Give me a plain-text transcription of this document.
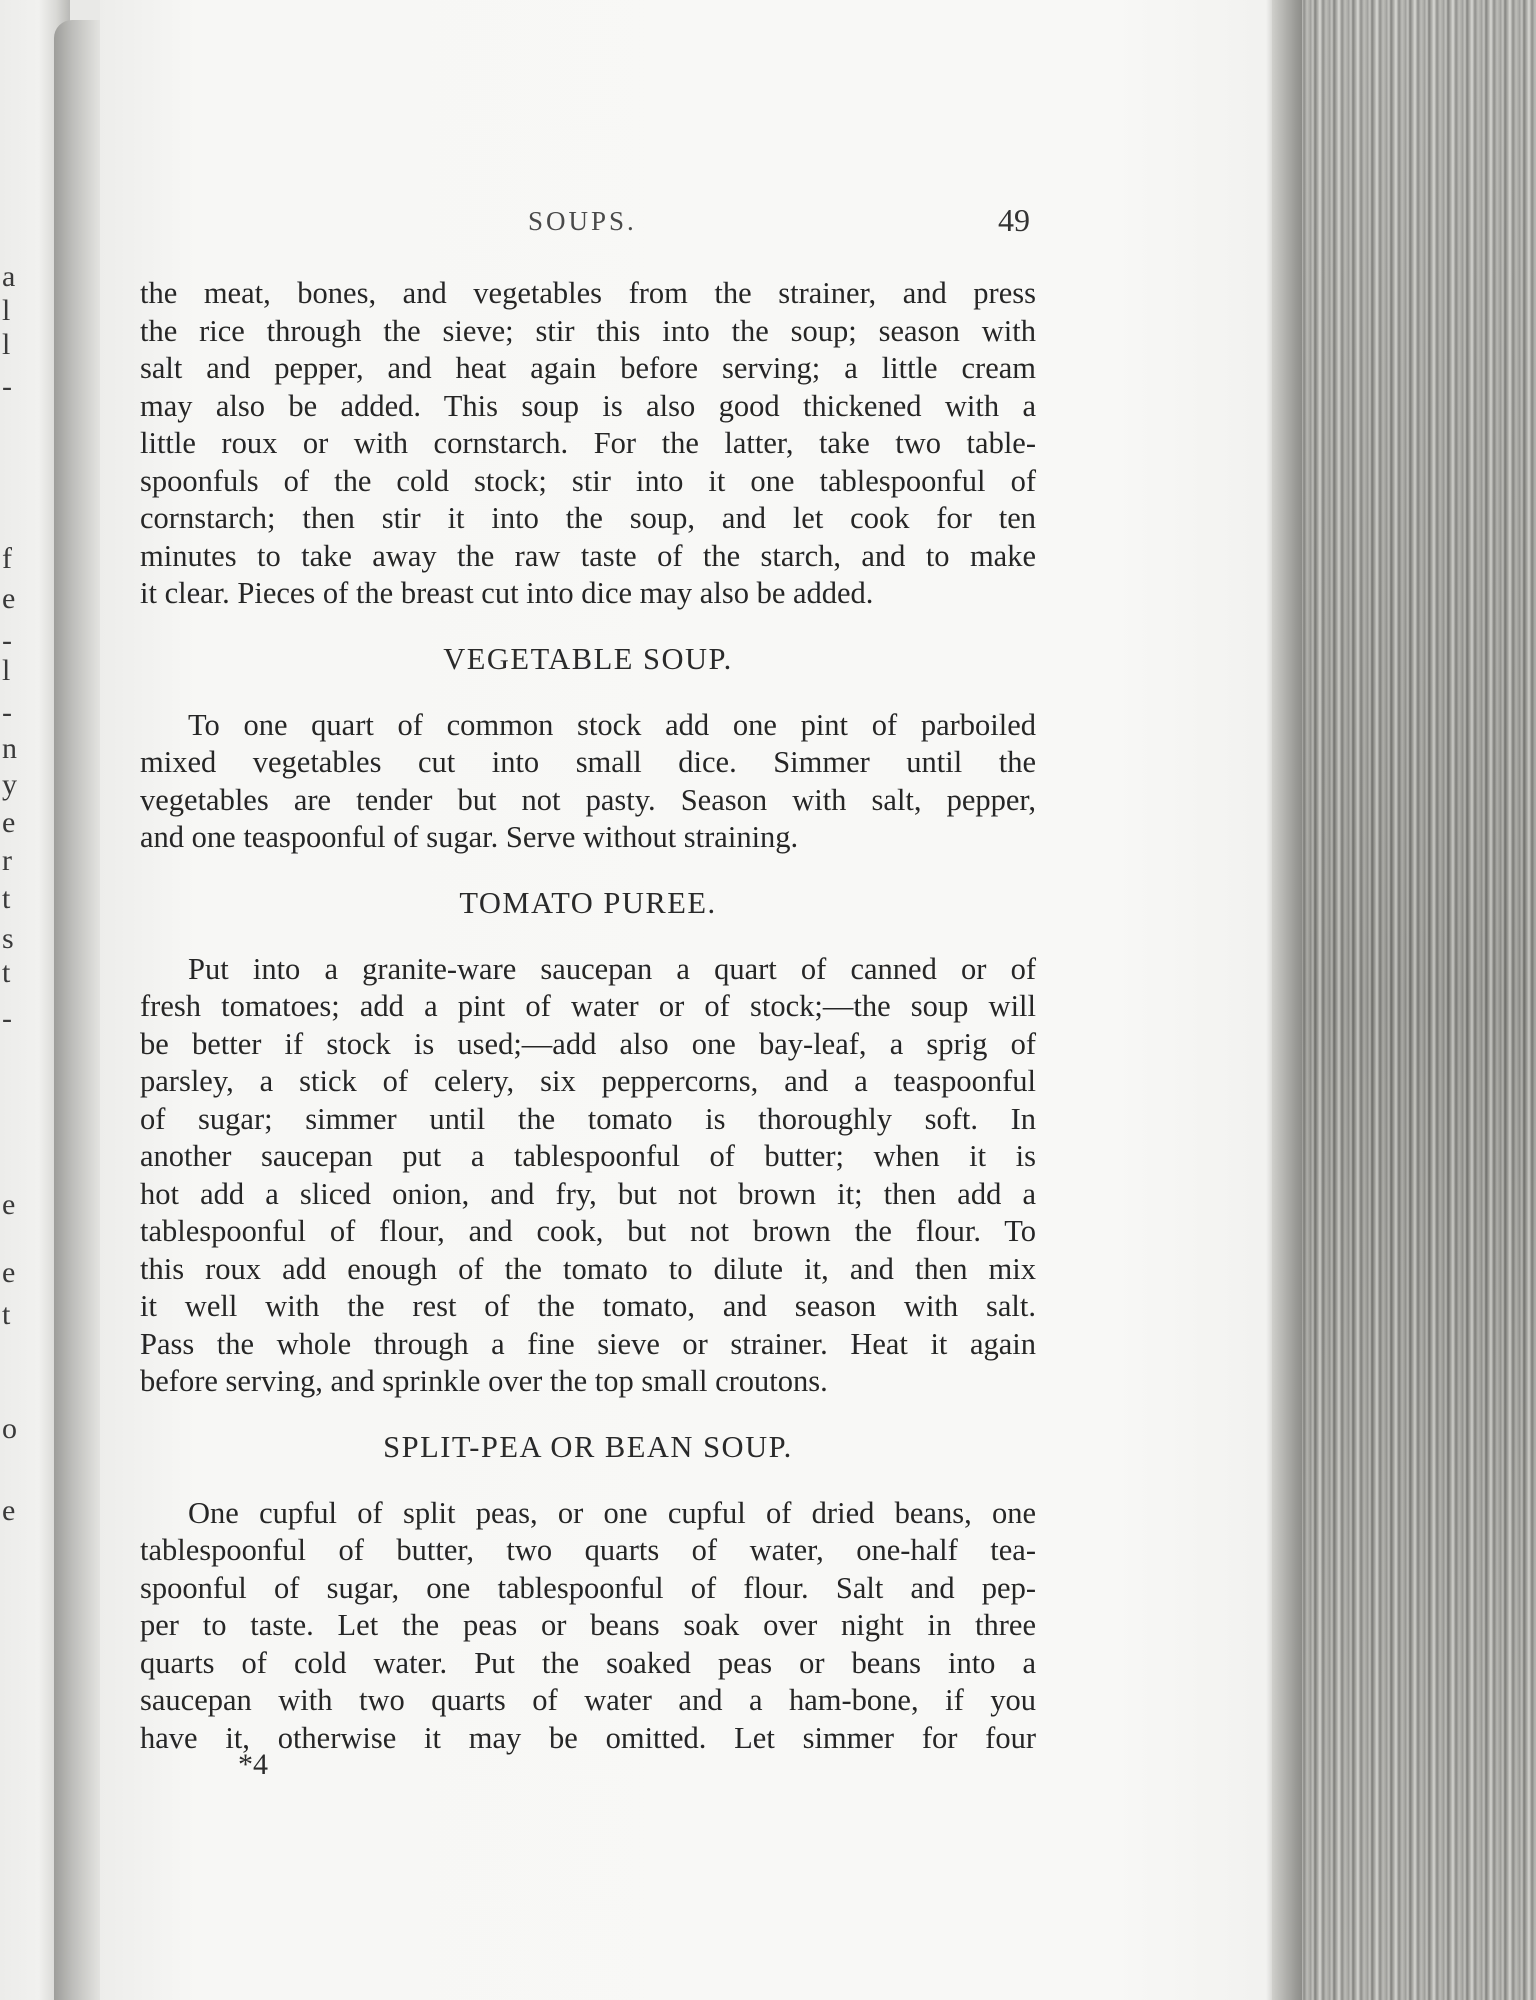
a
l
l
-
f
e
-
l
-
n
y
e
r
t
s
t
-
e
e
t
o
e
SOUPS.	49
the meat, bones, and vegetables from the strainer, and press
the rice through the sieve; stir this into the soup; season with
salt and pepper, and heat again before serving; a little cream
may also be added. This soup is also good thickened with a
little roux or with cornstarch. For the latter, take two table-
spoonfuls of the cold stock; stir into it one tablespoonful of
cornstarch; then stir it into the soup, and let cook for ten
minutes to take away the raw taste of the starch, and to make
it clear. Pieces of the breast cut into dice may also be added.
VEGETABLE SOUP.
To one quart of common stock add one pint of parboiled
mixed vegetables cut into small dice. Simmer until the
vegetables are tender but not pasty. Season with salt, pepper,
and one teaspoonful of sugar. Serve without straining.
TOMATO PUREE.
Put into a granite-ware saucepan a quart of canned or of
fresh tomatoes; add a pint of water or of stock;—the soup will
be better if stock is used;—add also one bay-leaf, a sprig of
parsley, a stick of celery, six peppercorns, and a teaspoonful
of sugar; simmer until the tomato is thoroughly soft. In
another saucepan put a tablespoonful of butter; when it is
hot add a sliced onion, and fry, but not brown it; then add a
tablespoonful of flour, and cook, but not brown the flour. To
this roux add enough of the tomato to dilute it, and then mix
it well with the rest of the tomato, and season with salt.
Pass the whole through a fine sieve or strainer. Heat it again
before serving, and sprinkle over the top small croutons.
SPLIT-PEA OR BEAN SOUP.
One cupful of split peas, or one cupful of dried beans, one
tablespoonful of butter, two quarts of water, one-half tea-
spoonful of sugar, one tablespoonful of flour. Salt and pep-
per to taste. Let the peas or beans soak over night in three
quarts of cold water. Put the soaked peas or beans into a
saucepan with two quarts of water and a ham-bone, if you
have it, otherwise it may be omitted. Let simmer for four
*4
